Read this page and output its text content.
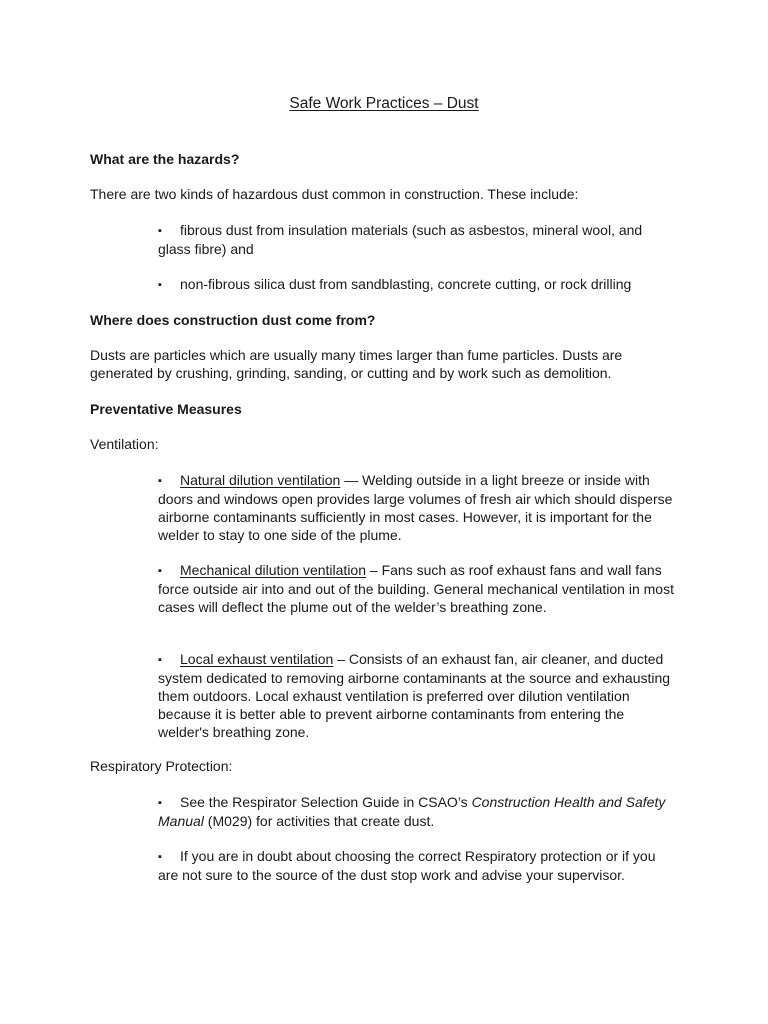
Safe Work Practices – Dust
What are the hazards?
There are two kinds of hazardous dust common in construction. These include:
▪ fibrous dust from insulation materials (such as asbestos, mineral wool, and glass fibre) and
▪ non-fibrous silica dust from sandblasting, concrete cutting, or rock drilling
Where does construction dust come from?
Dusts are particles which are usually many times larger than fume particles. Dusts are generated by crushing, grinding, sanding, or cutting and by work such as demolition.
Preventative Measures
Ventilation:
▪ Natural dilution ventilation — Welding outside in a light breeze or inside with doors and windows open provides large volumes of fresh air which should disperse airborne contaminants sufficiently in most cases. However, it is important for the welder to stay to one side of the plume.
▪ Mechanical dilution ventilation – Fans such as roof exhaust fans and wall fans force outside air into and out of the building. General mechanical ventilation in most cases will deflect the plume out of the welder’s breathing zone.
▪ Local exhaust ventilation – Consists of an exhaust fan, air cleaner, and ducted system dedicated to removing airborne contaminants at the source and exhausting them outdoors. Local exhaust ventilation is preferred over dilution ventilation because it is better able to prevent airborne contaminants from entering the welder's breathing zone.
Respiratory Protection:
▪ See the Respirator Selection Guide in CSAO’s Construction Health and Safety Manual (M029) for activities that create dust.
▪ If you are in doubt about choosing the correct Respiratory protection or if you are not sure to the source of the dust stop work and advise your supervisor.
